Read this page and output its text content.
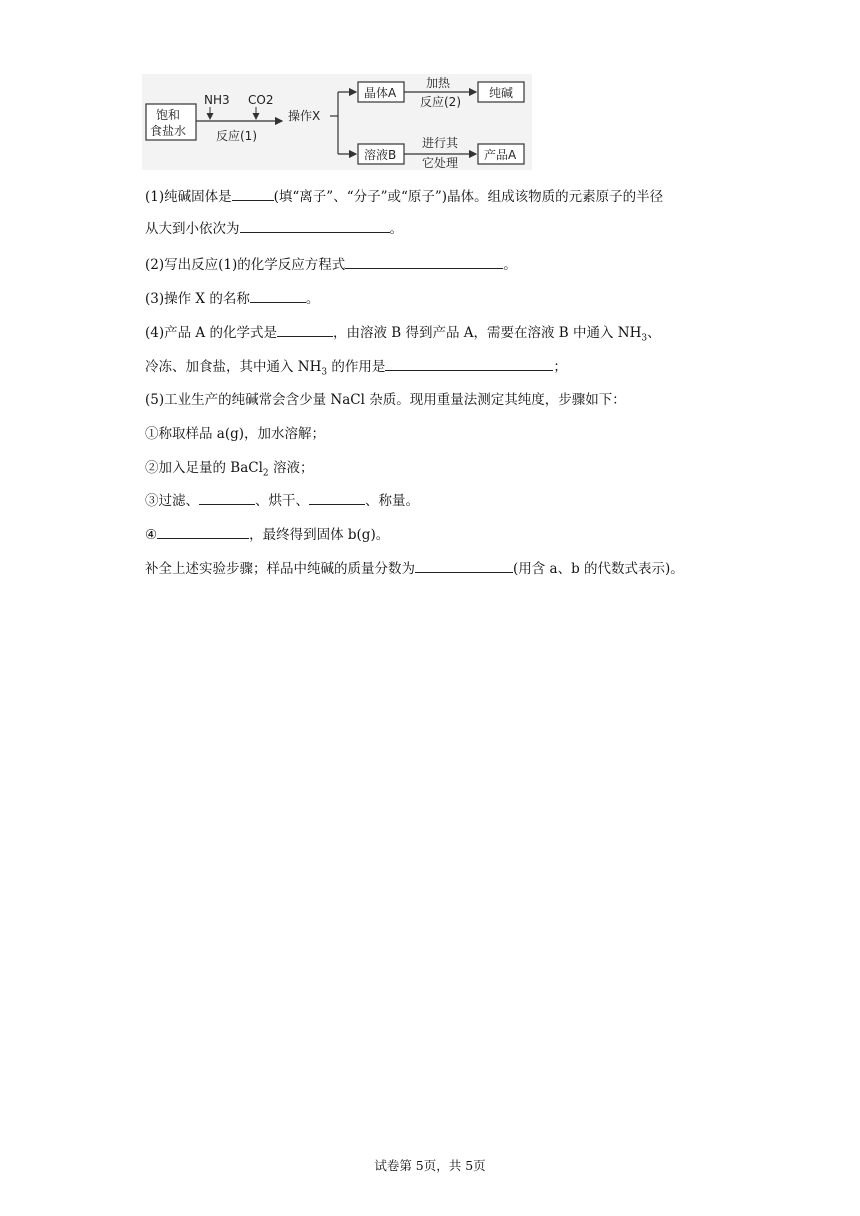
饱和
食盐水
NH3 CO2
反应(1)
操作X
晶体A
加热
反应(2)
纯碱
溶液B
进行其
它处理
产品A
(1)纯碱固体是	(填“离子”、“分子”或“原子”)晶体。组成该物质的元素原子的半径
从大到小依次为	。
(2)写出反应(1)的化学反应方程式	。
(3)操作 X 的名称	。
(4)产品 A 的化学式是	，由溶液 B 得到产品 A，需要在溶液 B 中通入 $NH_3$、
冷冻、加食盐，其中通入 $NH_3$ 的作用是	；
(5)工业生产的纯碱常会含少量 NaCl 杂质。现用重量法测定其纯度，步骤如下：
①称取样品 a(g)，加水溶解；
②加入足量的 BaCl$_2$ 溶液；
③过滤、	、烘干、	、称量。
④	，最终得到固体 b(g)。
补全上述实验步骤；样品中纯碱的质量分数为	(用含 a、b 的代数式表示)。
试卷第 5页，共 5页
